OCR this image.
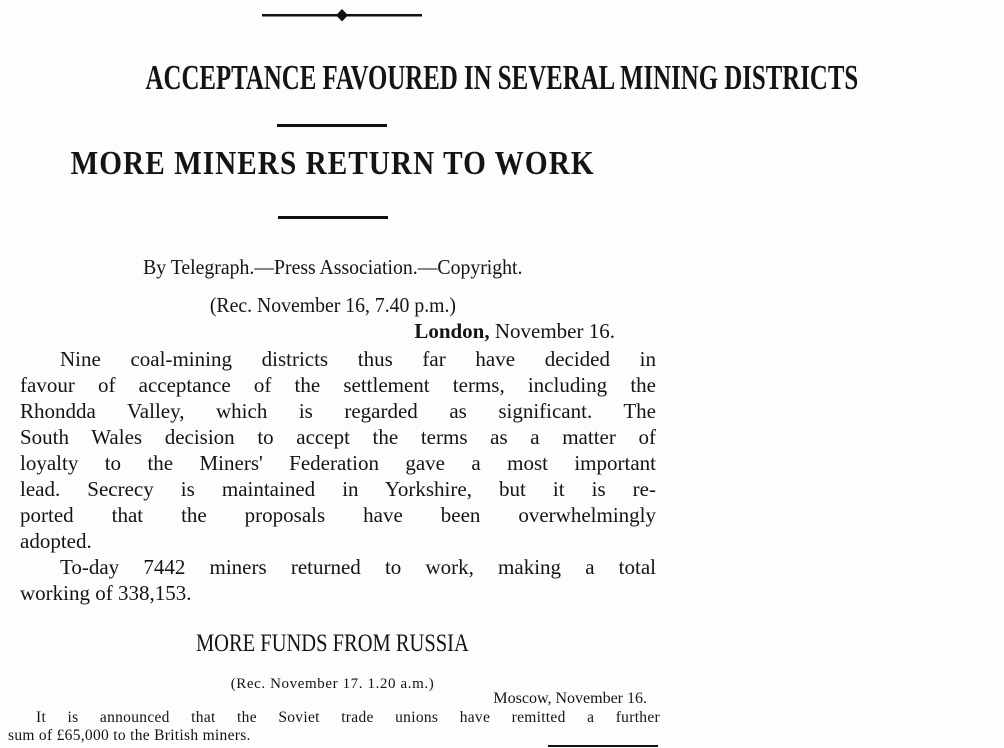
ACCEPTANCE FAVOURED IN SEVERAL MINING DISTRICTS
MORE MINERS RETURN TO WORK
By Telegraph.—Press Association.—Copyright.
(Rec. November 16, 7.40 p.m.)
London, November 16.
Nine coal-mining districts thus far have decided in
favour of acceptance of the settlement terms, including the
Rhondda Valley, which is regarded as significant. The
South Wales decision to accept the terms as a matter of
loyalty to the Miners' Federation gave a most important
lead. Secrecy is maintained in Yorkshire, but it is re-
ported that the proposals have been overwhelmingly
adopted.
To-day 7442 miners returned to work, making a total
working of 338,153.
MORE FUNDS FROM RUSSIA
(Rec. November 17. 1.20 a.m.)
Moscow, November 16.
It is announced that the Soviet trade unions have remitted a further
sum of £65,000 to the British miners.
